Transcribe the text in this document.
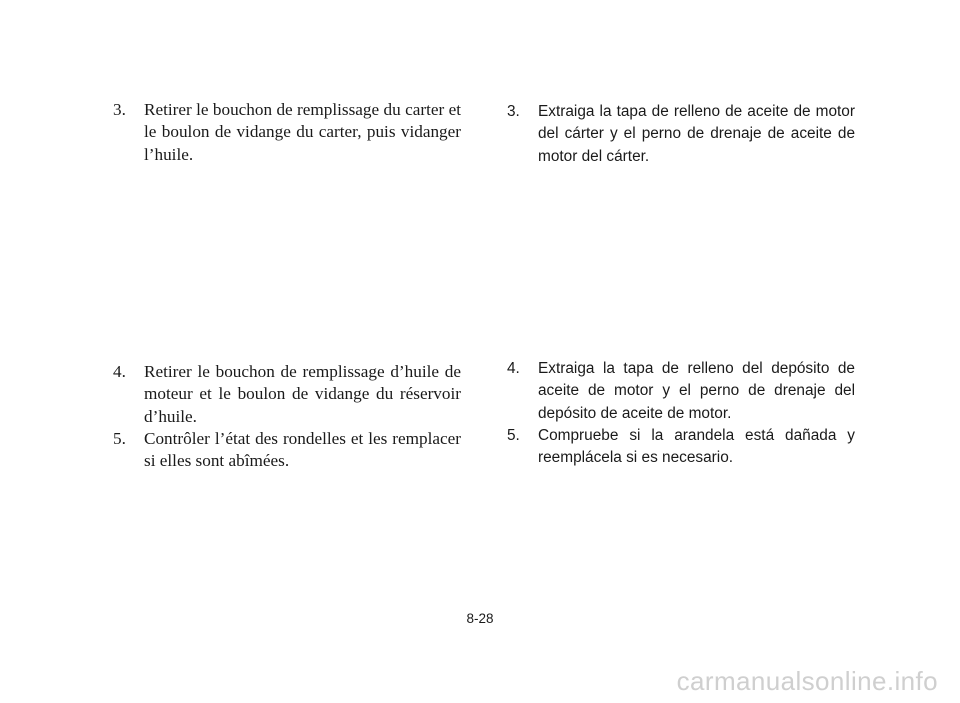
3. Retirer le bouchon de remplissage du carter et le boulon de vidange du carter, puis vidanger l’huile.
4. Retirer le bouchon de remplissage d’huile de moteur et le boulon de vidange du réservoir d’huile.
5. Contrôler l’état des rondelles et les remplacer si elles sont abîmées.
3. Extraiga la tapa de relleno de aceite de motor del cárter y el perno de drenaje de aceite de motor del cárter.
4. Extraiga la tapa de relleno del depósito de aceite de motor y el perno de drenaje del depósito de aceite de motor.
5. Compruebe si la arandela está dañada y reemplácela si es necesario.
8-28
carmanualsonline.info
